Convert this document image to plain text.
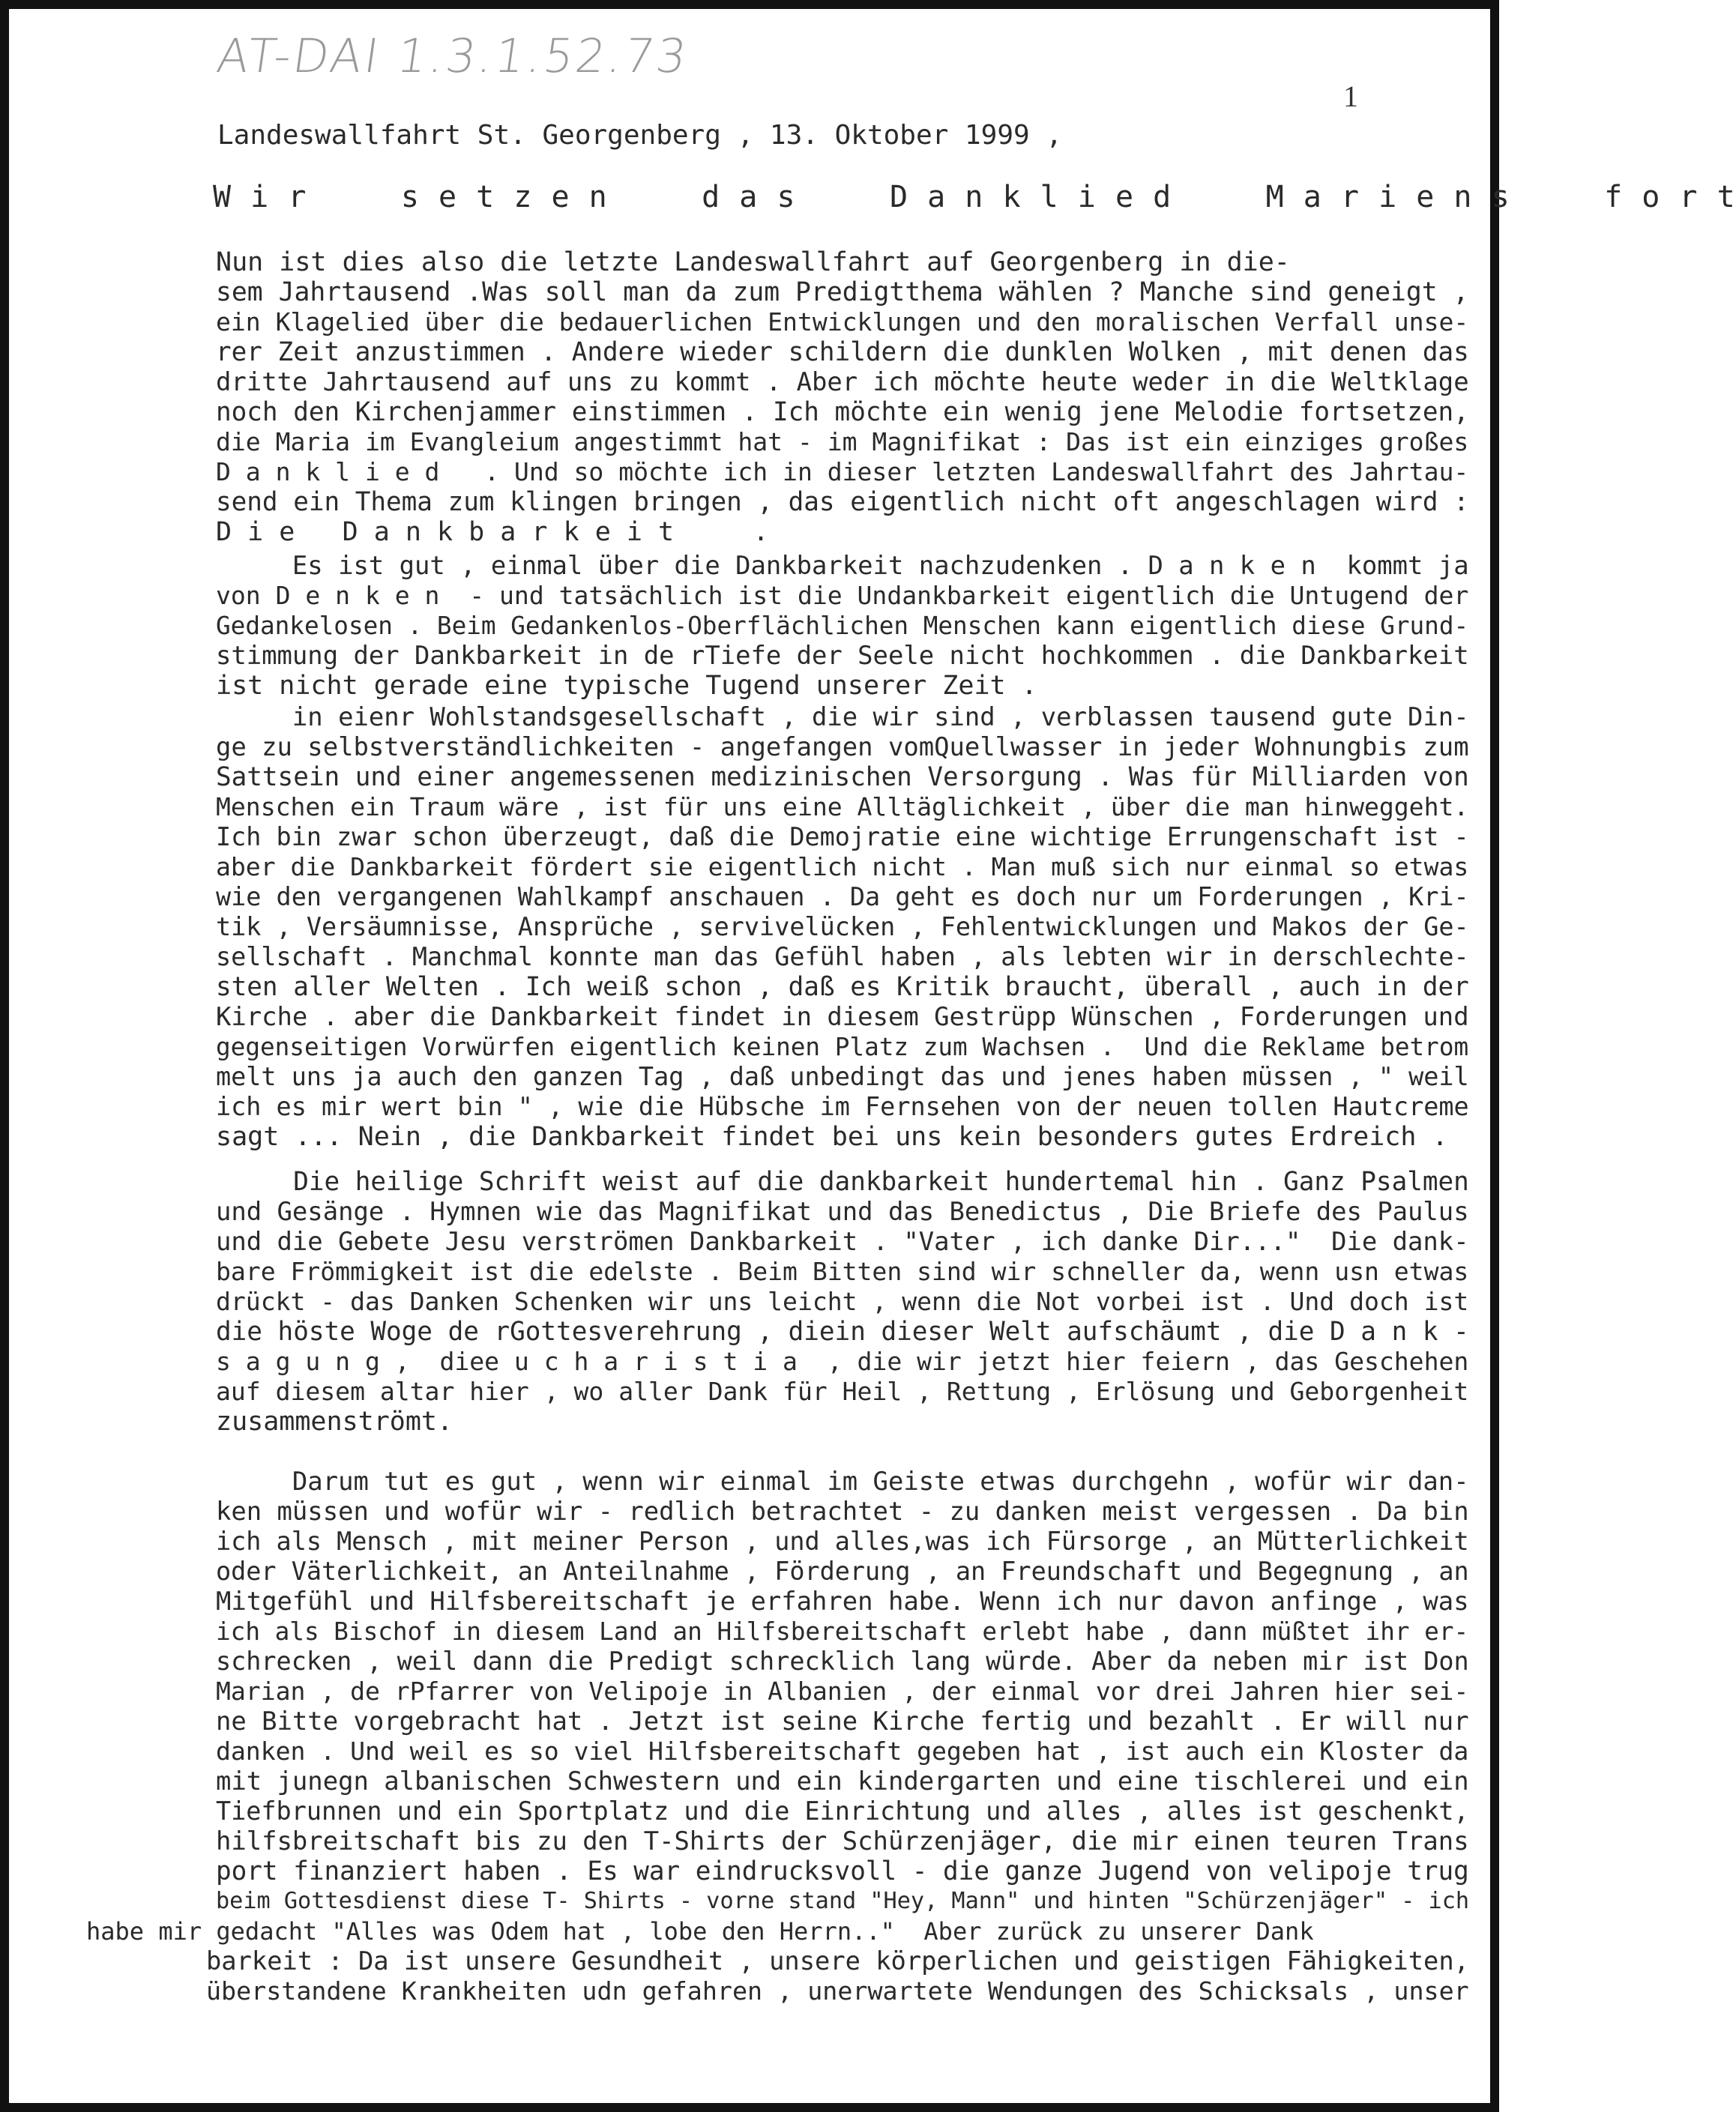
AT-DAI 1.3.1.52.73
1
Landeswallfahrt St. Georgenberg , 13. Oktober 1999 ,
W i r     s e t z e n     d a s     D a n k l i e d     M a r i e n s     f o r t
Nun ist dies also die letzte Landeswallfahrt auf Georgenberg in die-
sem Jahrtausend .Was soll man da zum Predigtthema wählen ? Manche sind geneigt ,
ein Klagelied über die bedauerlichen Entwicklungen und den moralischen Verfall unse-
rer Zeit anzustimmen . Andere wieder schildern die dunklen Wolken , mit denen das
dritte Jahrtausend auf uns zu kommt . Aber ich möchte heute weder in die Weltklage
noch den Kirchenjammer einstimmen . Ich möchte ein wenig jene Melodie fortsetzen,
die Maria im Evangleium angestimmt hat - im Magnifikat : Das ist ein einziges großes
D a n k l i e d   . Und so möchte ich in dieser letzten Landeswallfahrt des Jahrtau-
send ein Thema zum klingen bringen , das eigentlich nicht oft angeschlagen wird :
D i e   D a n k b a r k e i t     .
Es ist gut , einmal über die Dankbarkeit nachzudenken . D a n k e n  kommt ja
von D e n k e n  - und tatsächlich ist die Undankbarkeit eigentlich die Untugend der
Gedankelosen . Beim Gedankenlos-Oberflächlichen Menschen kann eigentlich diese Grund-
stimmung der Dankbarkeit in de rTiefe der Seele nicht hochkommen . die Dankbarkeit
ist nicht gerade eine typische Tugend unserer Zeit .
in eienr Wohlstandsgesellschaft , die wir sind , verblassen tausend gute Din-
ge zu selbstverständlichkeiten - angefangen vomQuellwasser in jeder Wohnungbis zum
Sattsein und einer angemessenen medizinischen Versorgung . Was für Milliarden von
Menschen ein Traum wäre , ist für uns eine Alltäglichkeit , über die man hinweggeht.
Ich bin zwar schon überzeugt, daß die Demojratie eine wichtige Errungenschaft ist -
aber die Dankbarkeit fördert sie eigentlich nicht . Man muß sich nur einmal so etwas
wie den vergangenen Wahlkampf anschauen . Da geht es doch nur um Forderungen , Kri-
tik , Versäumnisse, Ansprüche , servivelücken , Fehlentwicklungen und Makos der Ge-
sellschaft . Manchmal konnte man das Gefühl haben , als lebten wir in derschlechte-
sten aller Welten . Ich weiß schon , daß es Kritik braucht, überall , auch in der
Kirche . aber die Dankbarkeit findet in diesem Gestrüpp Wünschen , Forderungen und
gegenseitigen Vorwürfen eigentlich keinen Platz zum Wachsen .  Und die Reklame betrom
melt uns ja auch den ganzen Tag , daß unbedingt das und jenes haben müssen , " weil
ich es mir wert bin " , wie die Hübsche im Fernsehen von der neuen tollen Hautcreme
sagt ... Nein , die Dankbarkeit findet bei uns kein besonders gutes Erdreich .
Die heilige Schrift weist auf die dankbarkeit hundertemal hin . Ganz Psalmen
und Gesänge . Hymnen wie das Magnifikat und das Benedictus , Die Briefe des Paulus
und die Gebete Jesu verströmen Dankbarkeit . "Vater , ich danke Dir..."  Die dank-
bare Frömmigkeit ist die edelste . Beim Bitten sind wir schneller da, wenn usn etwas
drückt - das Danken Schenken wir uns leicht , wenn die Not vorbei ist . Und doch ist
die höste Woge de rGottesverehrung , diein dieser Welt aufschäumt , die D a n k -
s a g u n g ,  dieе u c h a r i s t i a  , die wir jetzt hier feiern , das Geschehen
auf diesem altar hier , wo aller Dank für Heil , Rettung , Erlösung und Geborgenheit
zusammenströmt.
Darum tut es gut , wenn wir einmal im Geiste etwas durchgehn , wofür wir dan-
ken müssen und wofür wir - redlich betrachtet - zu danken meist vergessen . Da bin
ich als Mensch , mit meiner Person , und alles,was ich Fürsorge , an Mütterlichkeit
oder Väterlichkeit, an Anteilnahme , Förderung , an Freundschaft und Begegnung , an
Mitgefühl und Hilfsbereitschaft je erfahren habe. Wenn ich nur davon anfinge , was
ich als Bischof in diesem Land an Hilfsbereitschaft erlebt habe , dann müßtet ihr er-
schrecken , weil dann die Predigt schrecklich lang würde. Aber da neben mir ist Don
Marian , de rPfarrer von Velipoje in Albanien , der einmal vor drei Jahren hier sei-
ne Bitte vorgebracht hat . Jetzt ist seine Kirche fertig und bezahlt . Er will nur
danken . Und weil es so viel Hilfsbereitschaft gegeben hat , ist auch ein Kloster da
mit junegn albanischen Schwestern und ein kindergarten und eine tischlerei und ein
Tiefbrunnen und ein Sportplatz und die Einrichtung und alles , alles ist geschenkt,
hilfsbreitschaft bis zu den T-Shirts der Schürzenjäger, die mir einen teuren Trans
port finanziert haben . Es war eindrucksvoll - die ganze Jugend von velipoje trug
beim Gottesdienst diese T- Shirts - vorne stand "Hey, Mann" und hinten "Schürzenjäger" - ich
habe mir gedacht "Alles was Odem hat , lobe den Herrn.."  Aber zurück zu unserer Dank
barkeit : Da ist unsere Gesundheit , unsere körperlichen und geistigen Fähigkeiten,
überstandene Krankheiten udn gefahren , unerwartete Wendungen des Schicksals , unser
